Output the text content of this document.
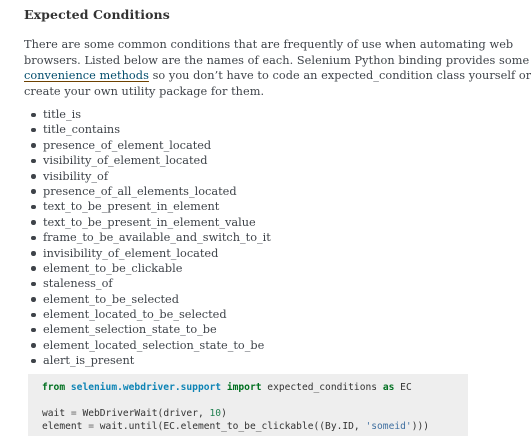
Expected Conditions
There are some common conditions that are frequently of use when automating web
browsers. Listed below are the names of each. Selenium Python binding provides some
convenience methods so you don’t have to code an expected_condition class yourself or
create your own utility package for them.
title_is
title_contains
presence_of_element_located
visibility_of_element_located
visibility_of
presence_of_all_elements_located
text_to_be_present_in_element
text_to_be_present_in_element_value
frame_to_be_available_and_switch_to_it
invisibility_of_element_located
element_to_be_clickable
staleness_of
element_to_be_selected
element_located_to_be_selected
element_selection_state_to_be
element_located_selection_state_to_be
alert_is_present
from selenium.webdriver.support import expected_conditions as EC
wait = WebDriverWait(driver, 10)
element = wait.until(EC.element_to_be_clickable((By.ID, 'someid')))
